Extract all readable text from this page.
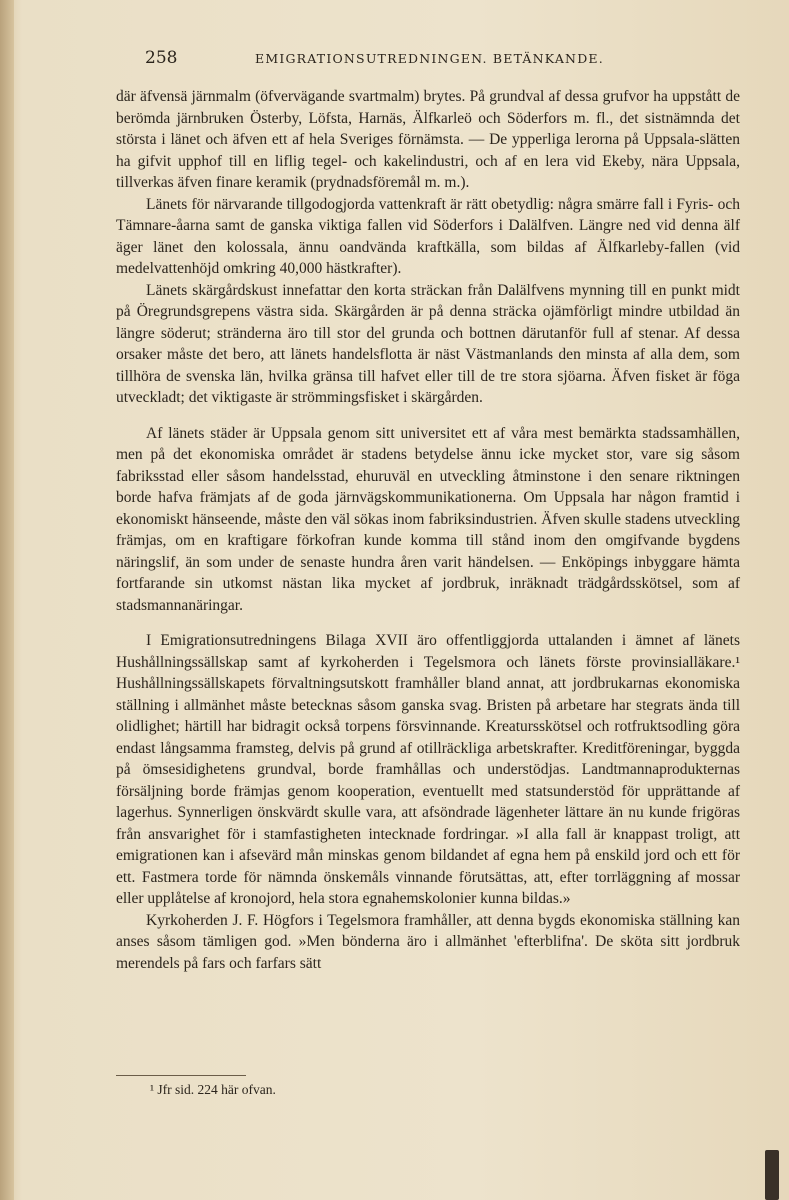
258	EMIGRATIONSUTREDNINGEN. BETÄNKANDE.

där äfvensä järnmalm (öfvervägande svartmalm) brytes. På grundval af dessa grufvor ha uppstått de berömda järnbruken Österby, Löfsta, Harnäs, Älfkarleö och Söderfors m. fl., det sistnämnda det största i länet och äfven ett af hela Sveriges förnämsta. — De ypperliga lerorna på Uppsala-slätten ha gifvit upphof till en liflig tegel- och kakelindustri, och af en lera vid Ekeby, nära Uppsala, tillverkas äfven finare keramik (prydnadsföremål m. m.).

Länets för närvarande tillgodogjorda vattenkraft är rätt obetydlig: några smärre fall i Fyris- och Tämnare-åarna samt de ganska viktiga fallen vid Söderfors i Dalälfven. Längre ned vid denna älf äger länet den kolossala, ännu oandvända kraftkälla, som bildas af Älfkarleby-fallen (vid medelvattenhöjd omkring 40,000 hästkrafter).

Länets skärgårdskust innefattar den korta sträckan från Dalälfvens mynning till en punkt midt på Öregrundsgrepens västra sida. Skärgården är på denna sträcka ojämförligt mindre utbildad än längre söderut; stränderna äro till stor del grunda och bottnen därutanför full af stenar. Af dessa orsaker måste det bero, att länets handelsflotta är näst Västmanlands den minsta af alla dem, som tillhöra de svenska län, hvilka gränsa till hafvet eller till de tre stora sjöarna. Äfven fisket är föga utveckladt; det viktigaste är strömmingsfisket i skärgården.

Af länets städer är Uppsala genom sitt universitet ett af våra mest bemärkta stadssamhällen, men på det ekonomiska området är stadens betydelse ännu icke mycket stor, vare sig såsom fabriksstad eller såsom handelsstad, ehuruväl en utveckling åtminstone i den senare riktningen borde hafva främjats af de goda järnvägskommunikationerna. Om Uppsala har någon framtid i ekonomiskt hänseende, måste den väl sökas inom fabriksindustrien. Äfven skulle stadens utveckling främjas, om en kraftigare förkofran kunde komma till stånd inom den omgifvande bygdens näringslif, än som under de senaste hundra åren varit händelsen. — Enköpings inbyggare hämta fortfarande sin utkomst nästan lika mycket af jordbruk, inräknadt trädgårdsskötsel, som af stadsmannanäringar.

I Emigrationsutredningens Bilaga XVII äro offentliggjorda uttalanden i ämnet af länets Hushållningssällskap samt af kyrkoherden i Tegelsmora och länets förste provinsialläkare.¹ Hushållningssällskapets förvaltningsutskott framhåller bland annat, att jordbrukarnas ekonomiska ställning i allmänhet måste betecknas såsom ganska svag. Bristen på arbetare har stegrats ända till olidlighet; härtill har bidragit också torpens försvinnande. Kreatursskötsel och rotfruktsodling göra endast långsamma framsteg, delvis på grund af otillräckliga arbetskrafter. Kreditföreningar, byggda på ömsesidighetens grundval, borde framhållas och understödjas. Landtmannaprodukternas försäljning borde främjas genom kooperation, eventuellt med statsunderstöd för upprättande af lagerhus. Synnerligen önskvärdt skulle vara, att afsöndrade lägenheter lättare än nu kunde frigöras från ansvarighet för i stamfastigheten intecknade fordringar. »I alla fall är knappast troligt, att emigrationen kan i afsevärd mån minskas genom bildandet af egna hem på enskild jord och ett för ett. Fastmera torde för nämnda önskemåls vinnande förutsättas, att, efter torrläggning af mossar eller upplåtelse af kronojord, hela stora egnahemskolonier kunna bildas.»

Kyrkoherden J. F. Högfors i Tegelsmora framhåller, att denna bygds ekonomiska ställning kan anses såsom tämligen god. »Men bönderna äro i allmänhet 'efterblifna'. De sköta sitt jordbruk merendels på fars och farfars sätt

¹ Jfr sid. 224 här ofvan.
